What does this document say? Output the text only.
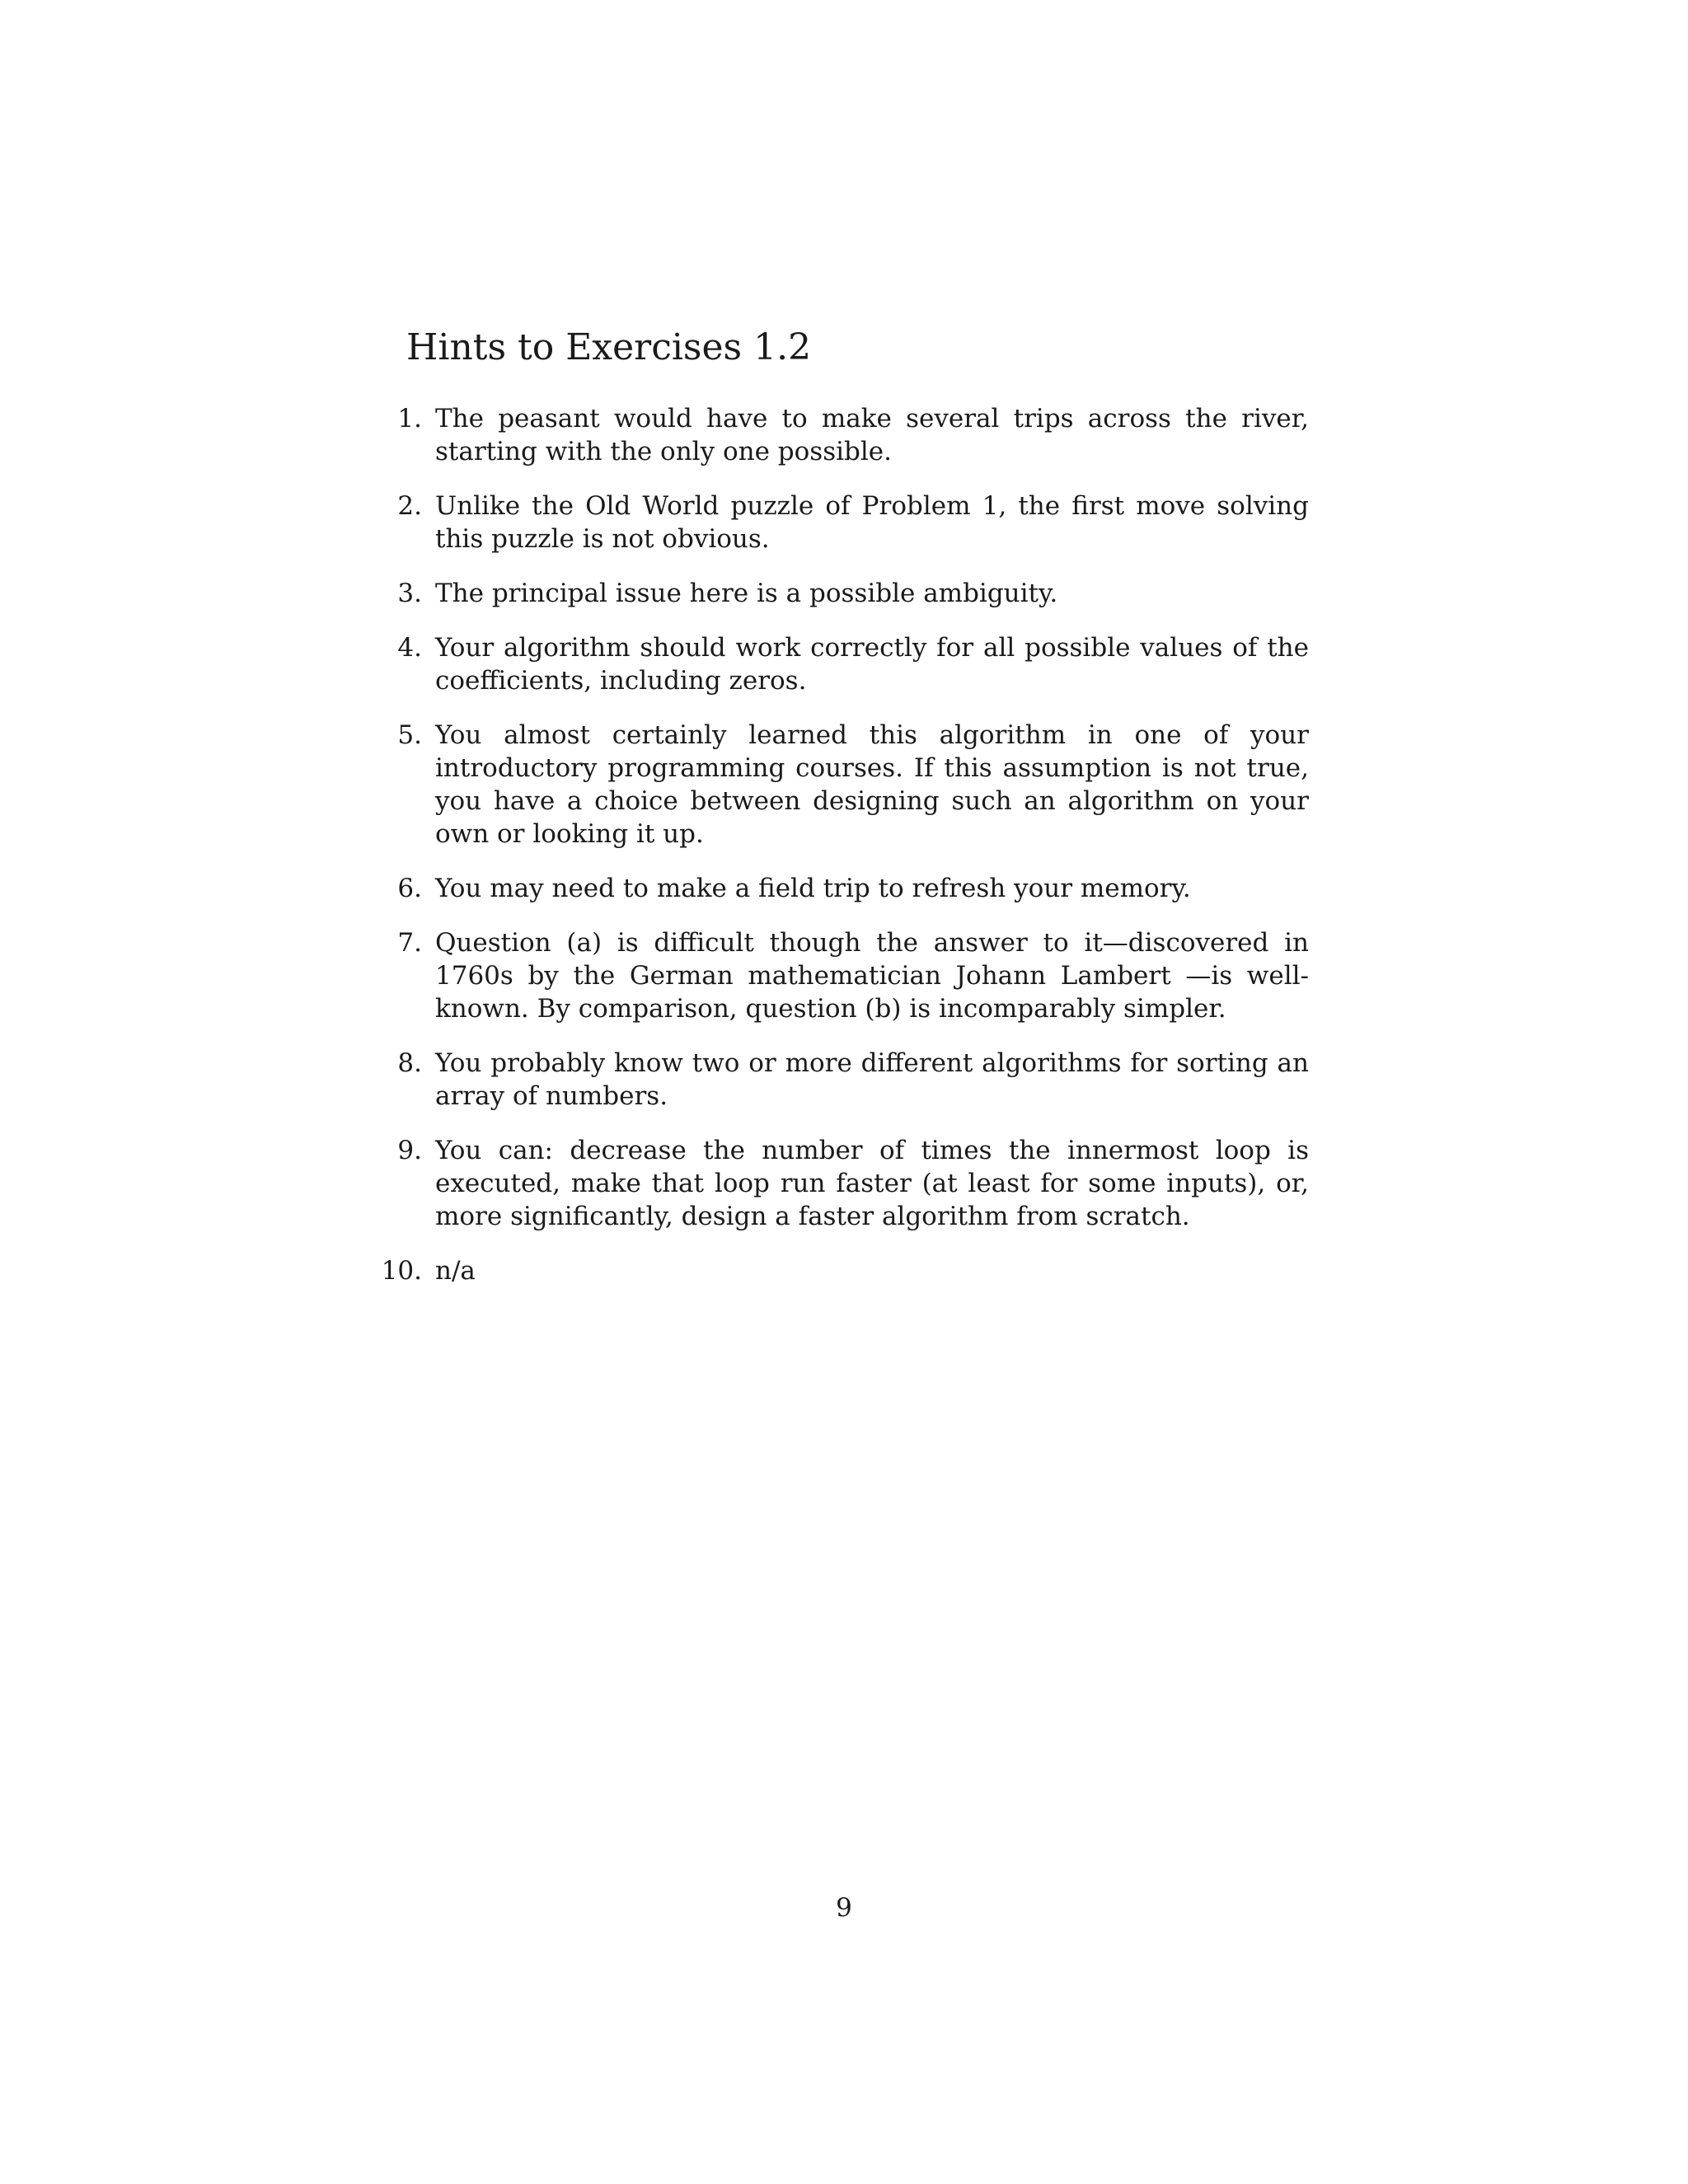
Hints to Exercises 1.2
1. The peasant would have to make several trips across the river, starting with the only one possible.
2. Unlike the Old World puzzle of Problem 1, the first move solving this puzzle is not obvious.
3. The principal issue here is a possible ambiguity.
4. Your algorithm should work correctly for all possible values of the coefficients, including zeros.
5. You almost certainly learned this algorithm in one of your introductory programming courses. If this assumption is not true, you have a choice between designing such an algorithm on your own or looking it up.
6. You may need to make a field trip to refresh your memory.
7. Question (a) is difficult though the answer to it—discovered in 1760s by the German mathematician Johann Lambert —is well-known. By comparison, question (b) is incomparably simpler.
8. You probably know two or more different algorithms for sorting an array of numbers.
9. You can: decrease the number of times the innermost loop is executed, make that loop run faster (at least for some inputs), or, more significantly, design a faster algorithm from scratch.
10. n/a
9
